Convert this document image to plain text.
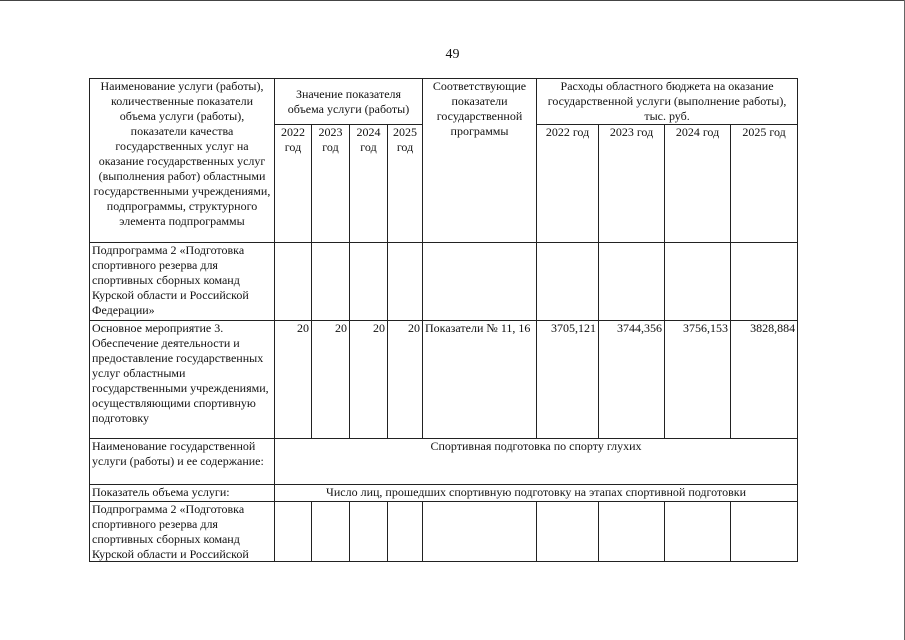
49
Наименование услуги (работы), количественные показатели объема услуги (работы), показатели качества государственных услуг на оказание государственных услуг (выполнения работ) областными государственными учреждениями, подпрограммы, структурного элемента подпрограммы	Значение показателя объема услуги (работы)				Соответствующие показатели государственной программы	Расходы областного бюджета на оказание государственной услуги (выполнение работы), тыс. руб.			
	2022 год	2023 год	2024 год	2025 год		2022 год	2023 год	2024 год	2025 год
Подпрограмма 2 «Подготовка спортивного резерва для спортивных сборных команд Курской области и Российской Федерации»									
Основное мероприятие 3. Обеспечение деятельности и предоставление государственных услуг областными государственными учреждениями, осуществляющими спортивную подготовку	20	20	20	20	Показатели № 11, 16	3705,121	3744,356	3756,153	3828,884
Наименование государственной услуги (работы) и ее содержание:	Спортивная подготовка по спорту глухих								
Показатель объема услуги:	Число лиц, прошедших спортивную подготовку на этапах спортивной подготовки								

Подпрограмма 2 «Подготовка спортивного резерва для спортивных сборных команд Курской области и Российской									
